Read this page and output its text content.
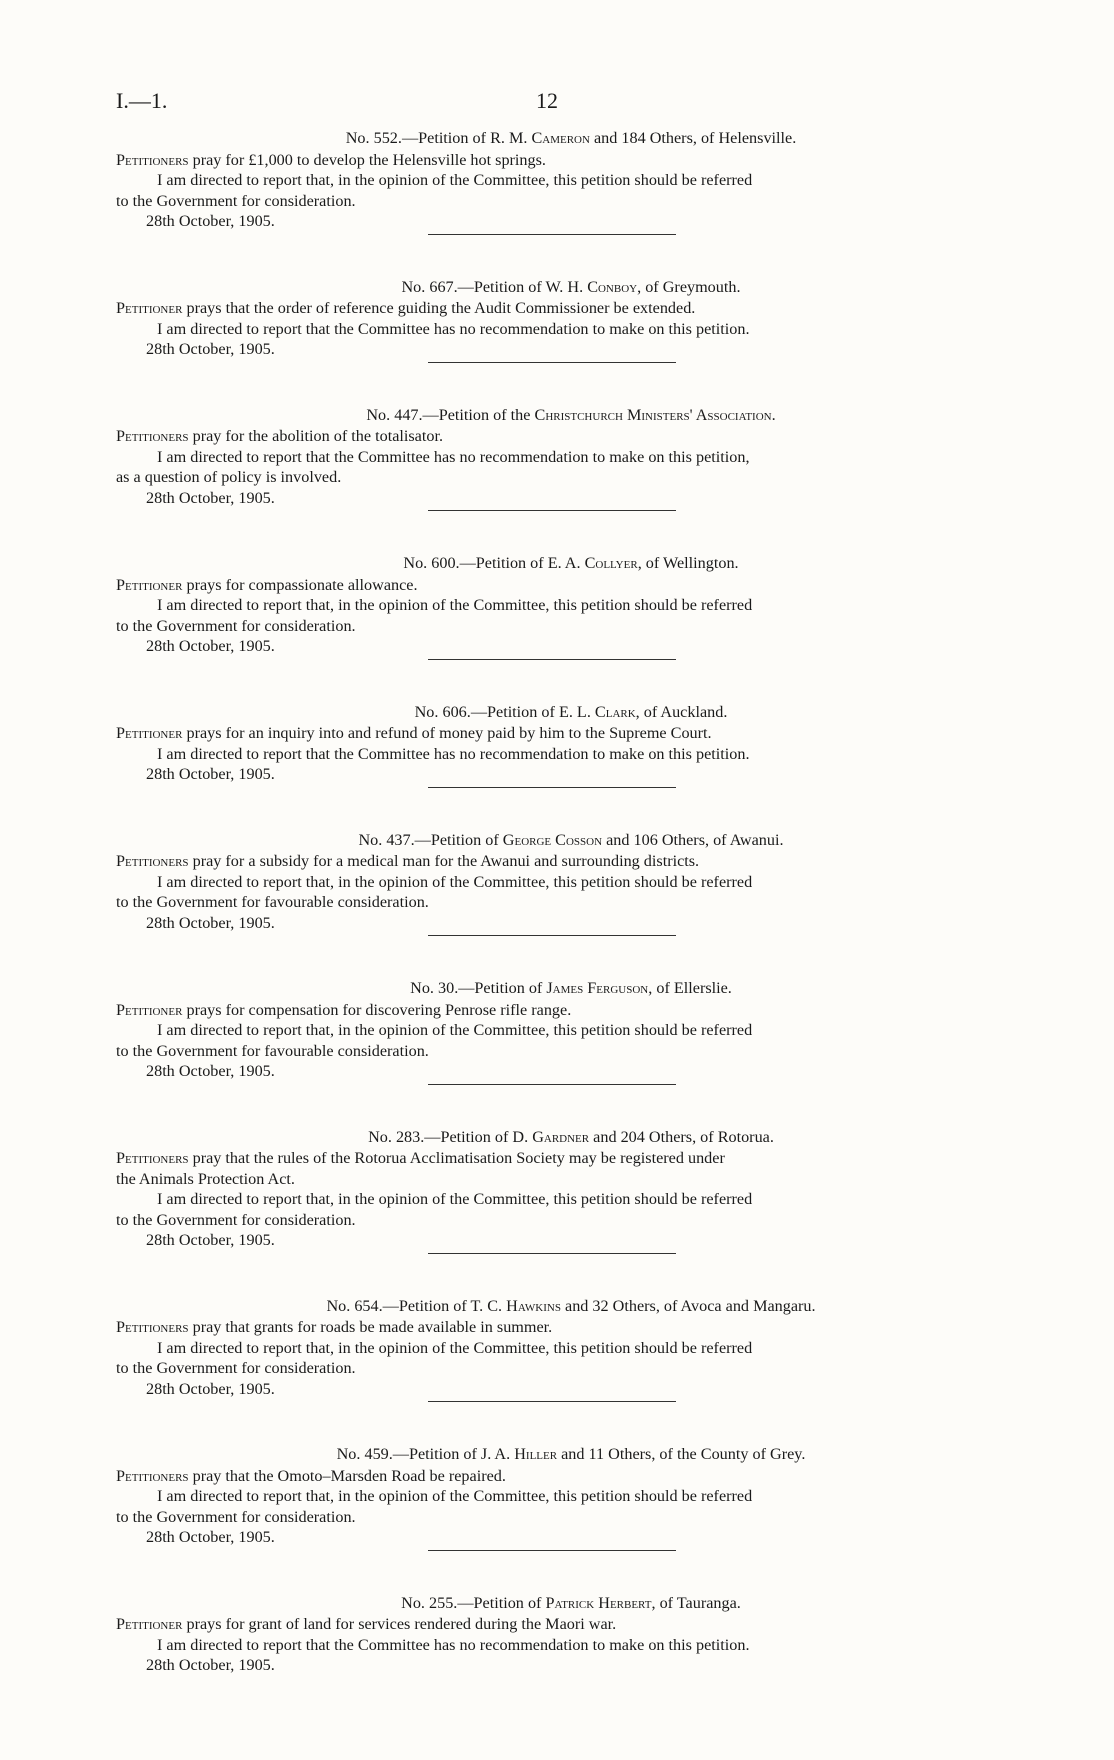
I.—1.	12

No. 552.—Petition of R. M. Cameron and 184 Others, of Helensville.

Petitioners pray for £1,000 to develop the Helensville hot springs.

I am directed to report that, in the opinion of the Committee, this petition should be referred

to the Government for consideration.

28th October, 1905.

No. 667.—Petition of W. H. Conboy, of Greymouth.

Petitioner prays that the order of reference guiding the Audit Commissioner be extended.

I am directed to report that the Committee has no recommendation to make on this petition.

28th October, 1905.

No. 447.—Petition of the Christchurch Ministers' Association.

Petitioners pray for the abolition of the totalisator.

I am directed to report that the Committee has no recommendation to make on this petition,

as a question of policy is involved.

28th October, 1905.

No. 600.—Petition of E. A. Collyer, of Wellington.

Petitioner prays for compassionate allowance.

I am directed to report that, in the opinion of the Committee, this petition should be referred

to the Government for consideration.

28th October, 1905.

No. 606.—Petition of E. L. Clark, of Auckland.

Petitioner prays for an inquiry into and refund of money paid by him to the Supreme Court.

I am directed to report that the Committee has no recommendation to make on this petition.

28th October, 1905.

No. 437.—Petition of George Cosson and 106 Others, of Awanui.

Petitioners pray for a subsidy for a medical man for the Awanui and surrounding districts.

I am directed to report that, in the opinion of the Committee, this petition should be referred

to the Government for favourable consideration.

28th October, 1905.

No. 30.—Petition of James Ferguson, of Ellerslie.

Petitioner prays for compensation for discovering Penrose rifle range.

I am directed to report that, in the opinion of the Committee, this petition should be referred

to the Government for favourable consideration.

28th October, 1905.

No. 283.—Petition of D. Gardner and 204 Others, of Rotorua.

Petitioners pray that the rules of the Rotorua Acclimatisation Society may be registered under

the Animals Protection Act.

I am directed to report that, in the opinion of the Committee, this petition should be referred

to the Government for consideration.

28th October, 1905.

No. 654.—Petition of T. C. Hawkins and 32 Others, of Avoca and Mangaru.

Petitioners pray that grants for roads be made available in summer.

I am directed to report that, in the opinion of the Committee, this petition should be referred

to the Government for consideration.

28th October, 1905.

No. 459.—Petition of J. A. Hiller and 11 Others, of the County of Grey.

Petitioners pray that the Omoto–Marsden Road be repaired.

I am directed to report that, in the opinion of the Committee, this petition should be referred

to the Government for consideration.

28th October, 1905.

No. 255.—Petition of Patrick Herbert, of Tauranga.

Petitioner prays for grant of land for services rendered during the Maori war.

I am directed to report that the Committee has no recommendation to make on this petition.

28th October, 1905.
